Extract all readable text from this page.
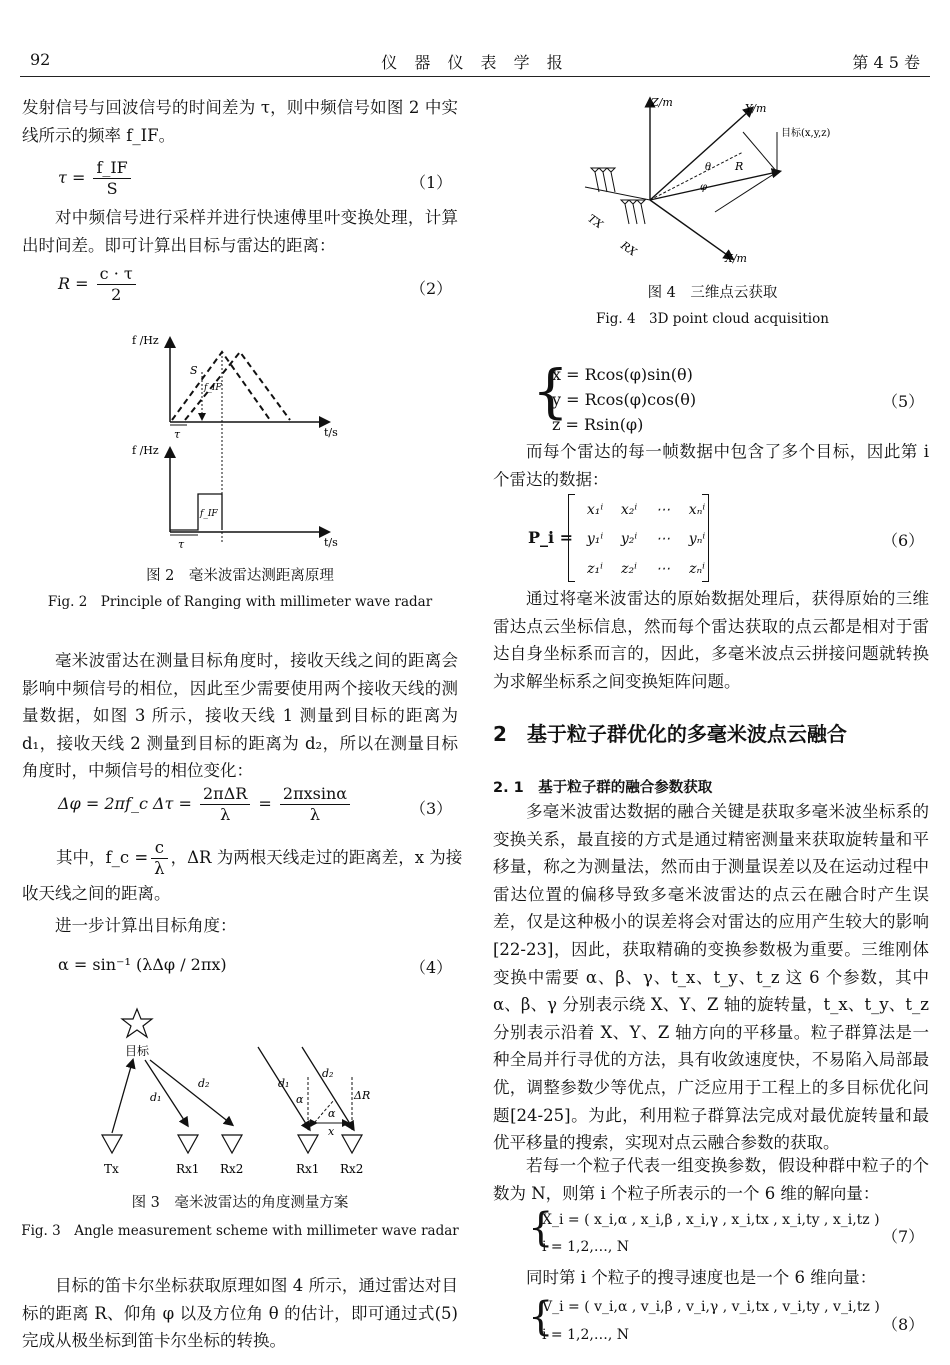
92	仪 器 仪 表 学 报	第 4 5 卷
发射信号与回波信号的时间差为 τ，则中频信号如图 2 中实线所示的频率 f_IF。
$\tau = \frac{f\_IF}{S}$	（1）
对中频信号进行采样并进行快速傅里叶变换处理，计算出时间差。即可计算出目标与雷达的距离：
$R = \frac{c \cdot \tau}{2}$	（2）
f /Hz
t/s
S
f_IF
τ
f /Hz
t/s
f_IF
τ
图 2　毫米波雷达测距离原理
Fig. 2　Principle of Ranging with millimeter wave radar
毫米波雷达在测量目标角度时，接收天线之间的距离会影响中频信号的相位，因此至少需要使用两个接收天线的测量数据，如图 3 所示，接收天线 1 测量到目标的距离为 d₁，接收天线 2 测量到目标的距离为 d₂，所以在测量目标角度时，中频信号的相位变化：
Δφ = 2πf_c $\Delta\tau = \frac{\text{2πΔR}}{\lambda} = \frac{2\pi xsin\alpha}{\lambda}$	（3）
其中，f_c = $\frac{c}{\lambda}$ ，ΔR 为两根天线走过的距离差，x 为接
收天线之间的距离。
进一步计算出目标角度：
α = sin⁻¹ (λΔφ / 2πx)	（4）
目标
d₁
d₂
Tx	Rx1 Rx2
d₁
d₂
α
α
ΔR
x
Rx1 Rx2
图 3　毫米波雷达的角度测量方案
Fig. 3　Angle measurement scheme with millimeter wave radar
目标的笛卡尔坐标获取原理如图 4 所示，通过雷达对目标的距离 R、仰角 φ 以及方位角 θ 的估计，即可通过式(5)完成从极坐标到笛卡尔坐标的转换。
Z/m	Y/m
X/m
目标(x,y,z)
R
θ
φ
TX
RX
图 4　三维点云获取
Fig. 4　3D point cloud acquisition
{
x = Rcos(φ)sin(θ)
y = Rcos(φ)cos(θ)
z = Rsin(φ)
（5）
而每个雷达的每一帧数据中包含了多个目标，因此第 i 个雷达的数据：
P_i =
x₁ⁱ	x₂ⁱ	⋯	xₙⁱ
y₁ⁱ	y₂ⁱ	⋯	yₙⁱ
z₁ⁱ	z₂ⁱ	⋯	zₙⁱ
（6）
通过将毫米波雷达的原始数据处理后，获得原始的三维雷达点云坐标信息，然而每个雷达获取的点云都是相对于雷达自身坐标系而言的，因此，多毫米波点云拼接问题就转换为求解坐标系之间变换矩阵问题。
2　基于粒子群优化的多毫米波点云融合
2. 1　基于粒子群的融合参数获取
多毫米波雷达数据的融合关键是获取多毫米波坐标系的变换关系，最直接的方式是通过精密测量来获取旋转量和平移量，称之为测量法，然而由于测量误差以及在运动过程中雷达位置的偏移导致多毫米波雷达的点云在融合时产生误差，仅是这种极小的误差将会对雷达的应用产生较大的影响[22-23]，因此，获取精确的变换参数极为重要。三维刚体变换中需要 α、β、γ、t_x、t_y、t_z 这 6 个参数，其中 α、β、γ 分别表示绕 X、Y、Z 轴的旋转量，t_x、t_y、t_z 分别表示沿着 X、Y、Z 轴方向的平移量。粒子群算法是一种全局并行寻优的方法，具有收敛速度快，不易陷入局部最优，调整参数少等优点，广泛应用于工程上的多目标优化问题[24-25]。为此，利用粒子群算法完成对最优旋转量和最优平移量的搜索，实现对点云融合参数的获取。
若每一个粒子代表一组变换参数，假设种群中粒子的个数为 N，则第 i 个粒子所表示的一个 6 维的解向量：
{
X_i = ( x_i,α , x_i,β , x_i,γ , x_i,tx , x_i,ty , x_i,tz )
i = 1,2,…, N
（7）
同时第 i 个粒子的搜寻速度也是一个 6 维向量：
{
V_i = ( v_i,α , v_i,β , v_i,γ , v_i,tx , v_i,ty , v_i,tz )
i = 1,2,…, N
（8）
